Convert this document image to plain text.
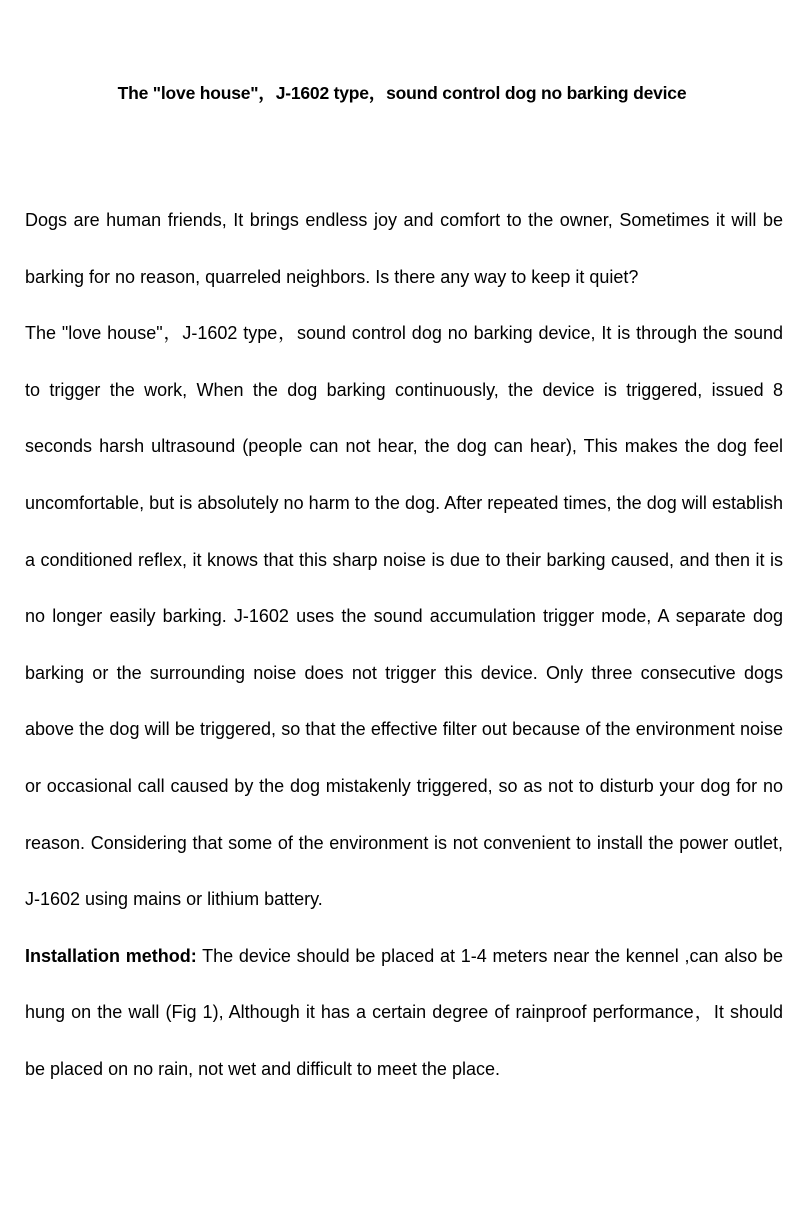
The "love house"，J-1602 type，sound control dog no barking device

Dogs are human friends, It brings endless joy and comfort to the owner, Sometimes it will be barking for no reason, quarreled neighbors. Is there any way to keep it quiet?

The "love house"，J-1602 type，sound control dog no barking device, It is through the sound to trigger the work, When the dog barking continuously, the device is triggered, issued 8 seconds harsh ultrasound (people can not hear, the dog can hear), This makes the dog feel uncomfortable, but is absolutely no harm to the dog. After repeated times, the dog will establish a conditioned reflex, it knows that this sharp noise is due to their barking caused, and then it is no longer easily barking. J-1602 uses the sound accumulation trigger mode, A separate dog barking or the surrounding noise does not trigger this device. Only three consecutive dogs above the dog will be triggered, so that the effective filter out because of the environment noise or occasional call caused by the dog mistakenly triggered, so as not to disturb your dog for no reason. Considering that some of the environment is not convenient to install the power outlet, J-1602 using mains or lithium battery.

Installation method: The device should be placed at 1-4 meters near the kennel ,can also be hung on the wall (Fig 1), Although it has a certain degree of rainproof performance，It should be placed on no rain, not wet and difficult to meet the place.
